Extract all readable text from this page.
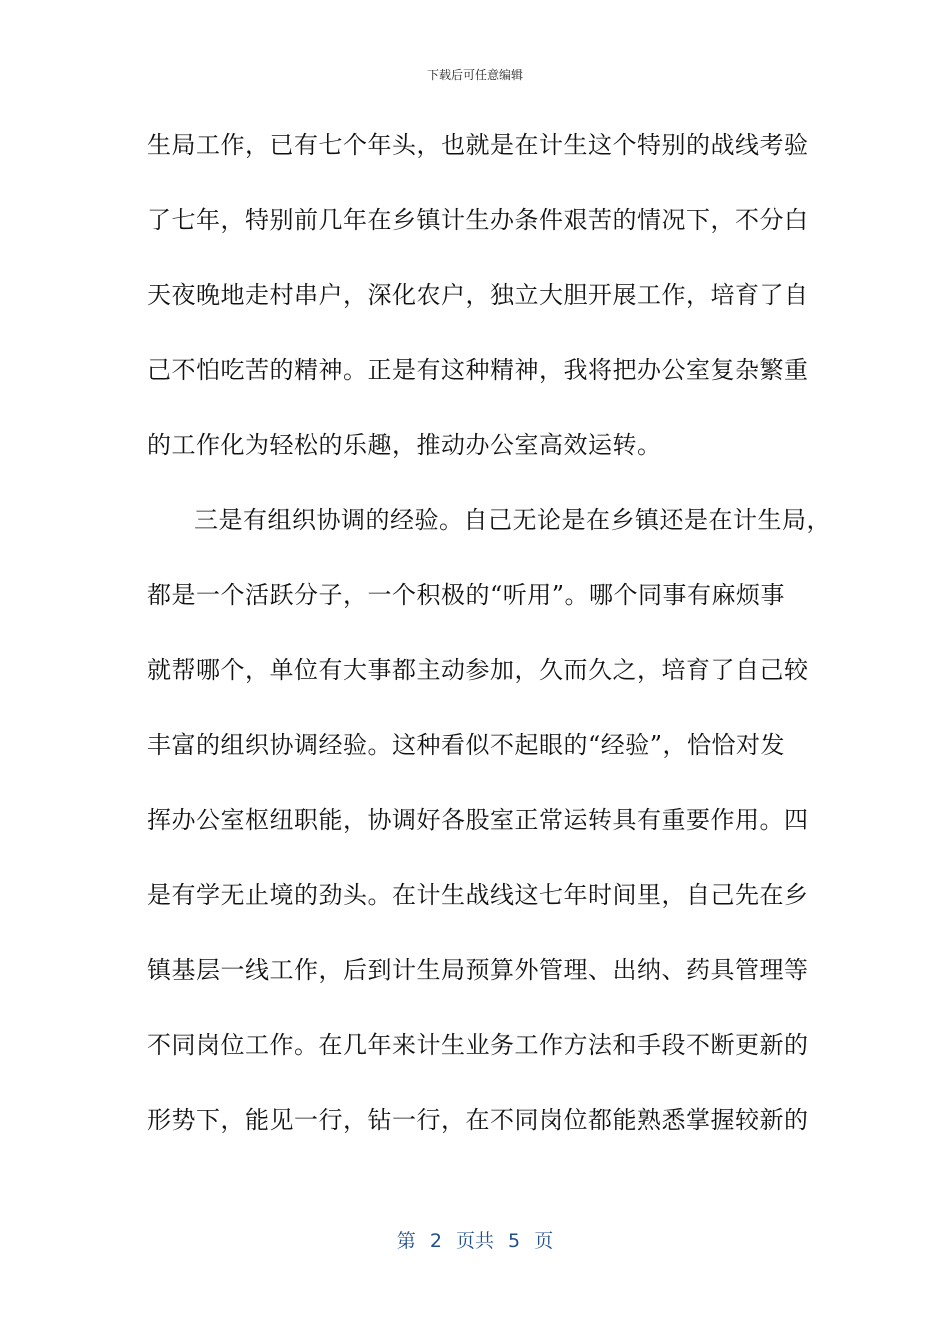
下载后可任意编辑
生局工作，已有七个年头，也就是在计生这个特别的战线考验
了七年，特别前几年在乡镇计生办条件艰苦的情况下，不分白
天夜晚地走村串户，深化农户，独立大胆开展工作，培育了自
己不怕吃苦的精神。正是有这种精神，我将把办公室复杂繁重
的工作化为轻松的乐趣，推动办公室高效运转。
三是有组织协调的经验。自己无论是在乡镇还是在计生局，
都是一个活跃分子，一个积极的“听用”。哪个同事有麻烦事
就帮哪个，单位有大事都主动参加，久而久之，培育了自己较
丰富的组织协调经验。这种看似不起眼的“经验”，恰恰对发
挥办公室枢纽职能，协调好各股室正常运转具有重要作用。四
是有学无止境的劲头。在计生战线这七年时间里，自己先在乡
镇基层一线工作，后到计生局预算外管理、出纳、药具管理等
不同岗位工作。在几年来计生业务工作方法和手段不断更新的
形势下，能见一行，钻一行，在不同岗位都能熟悉掌握较新的
第 2 页共 5 页
